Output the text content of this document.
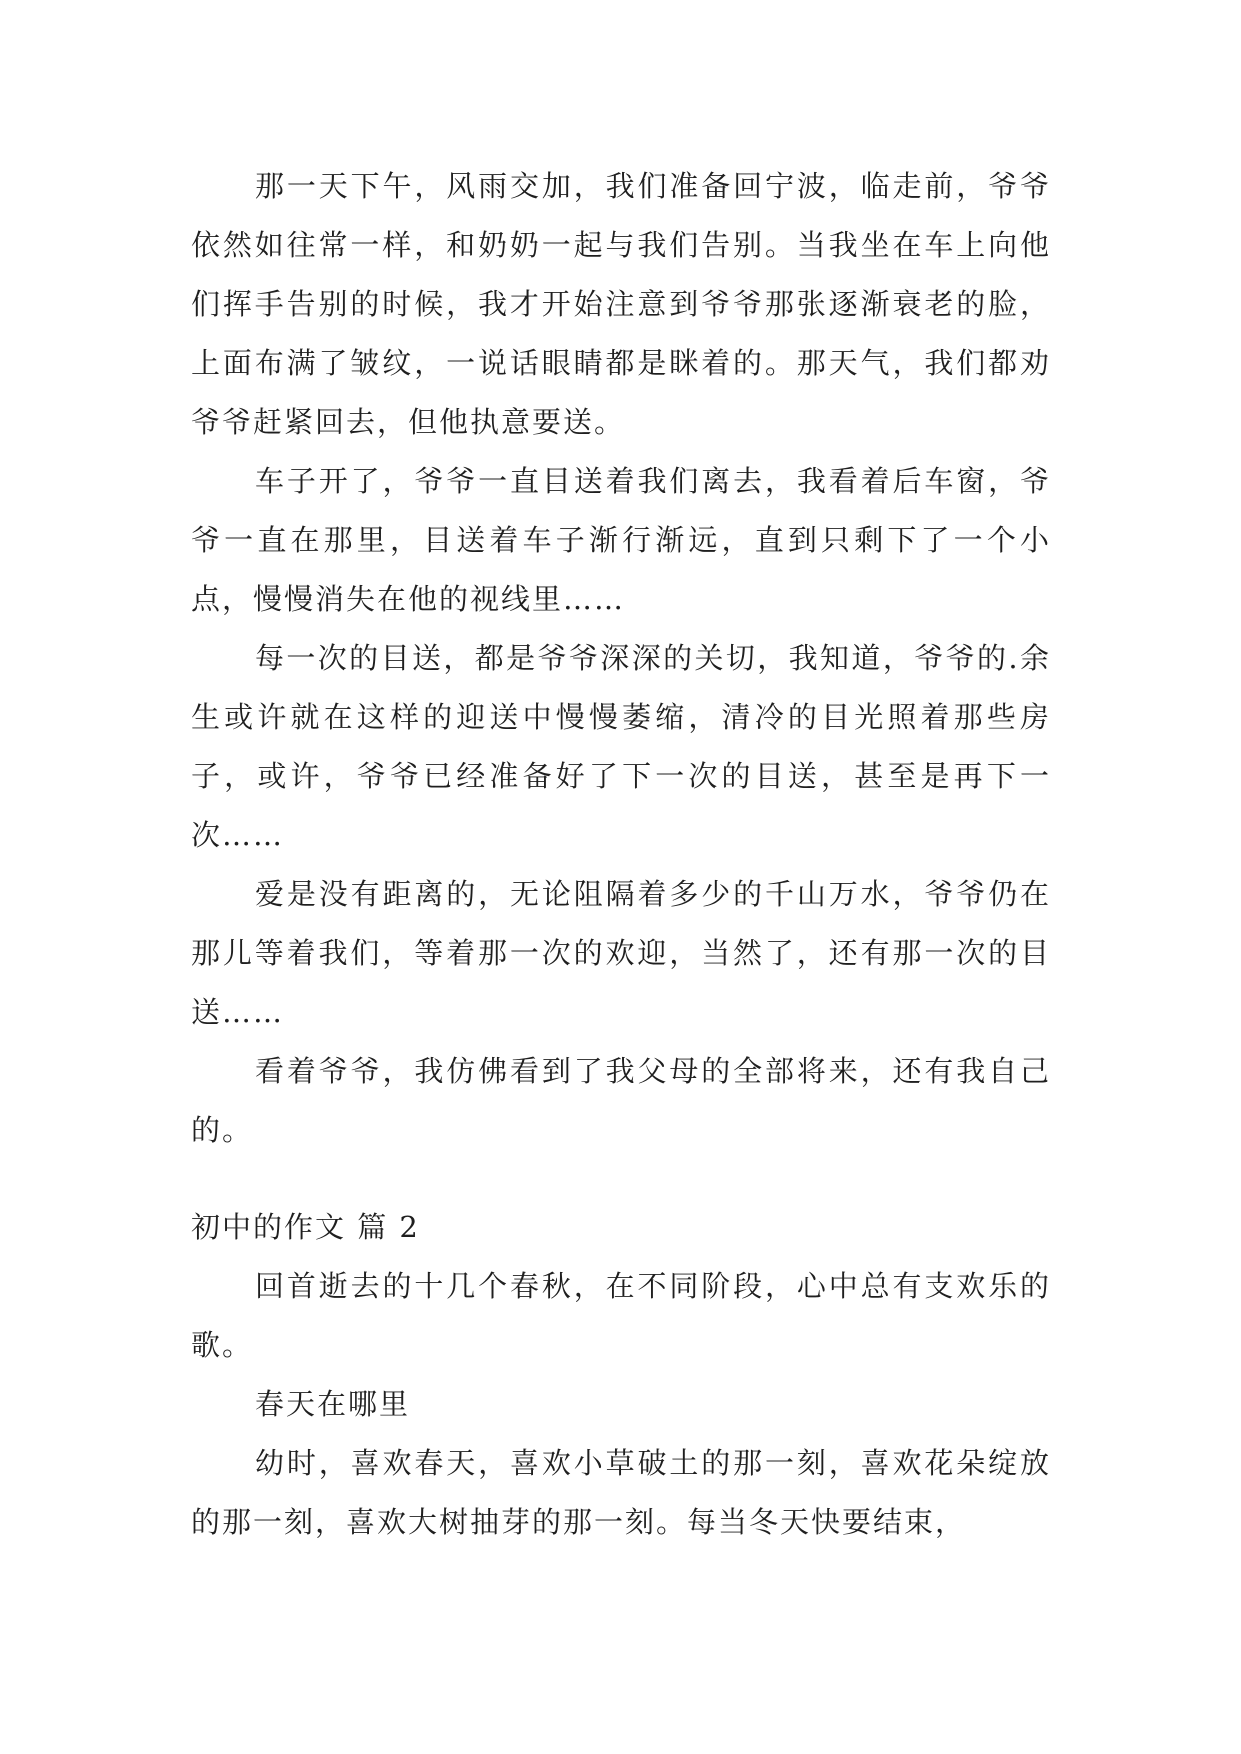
那一天下午，风雨交加，我们准备回宁波，临走前，爷爷依然如往常一样，和奶奶一起与我们告别。当我坐在车上向他们挥手告别的时候，我才开始注意到爷爷那张逐渐衰老的脸，上面布满了皱纹，一说话眼睛都是眯着的。那天气，我们都劝爷爷赶紧回去，但他执意要送。

车子开了，爷爷一直目送着我们离去，我看着后车窗，爷爷一直在那里，目送着车子渐行渐远，直到只剩下了一个小点，慢慢消失在他的视线里……

每一次的目送，都是爷爷深深的关切，我知道，爷爷的.余生或许就在这样的迎送中慢慢萎缩，清冷的目光照着那些房子，或许，爷爷已经准备好了下一次的目送，甚至是再下一次……

爱是没有距离的，无论阻隔着多少的千山万水，爷爷仍在那儿等着我们，等着那一次的欢迎，当然了，还有那一次的目送……

看着爷爷，我仿佛看到了我父母的全部将来，还有我自己的。

初中的作文 篇 2

回首逝去的十几个春秋，在不同阶段，心中总有支欢乐的歌。

春天在哪里

幼时，喜欢春天，喜欢小草破土的那一刻，喜欢花朵绽放的那一刻，喜欢大树抽芽的那一刻。每当冬天快要结束，
